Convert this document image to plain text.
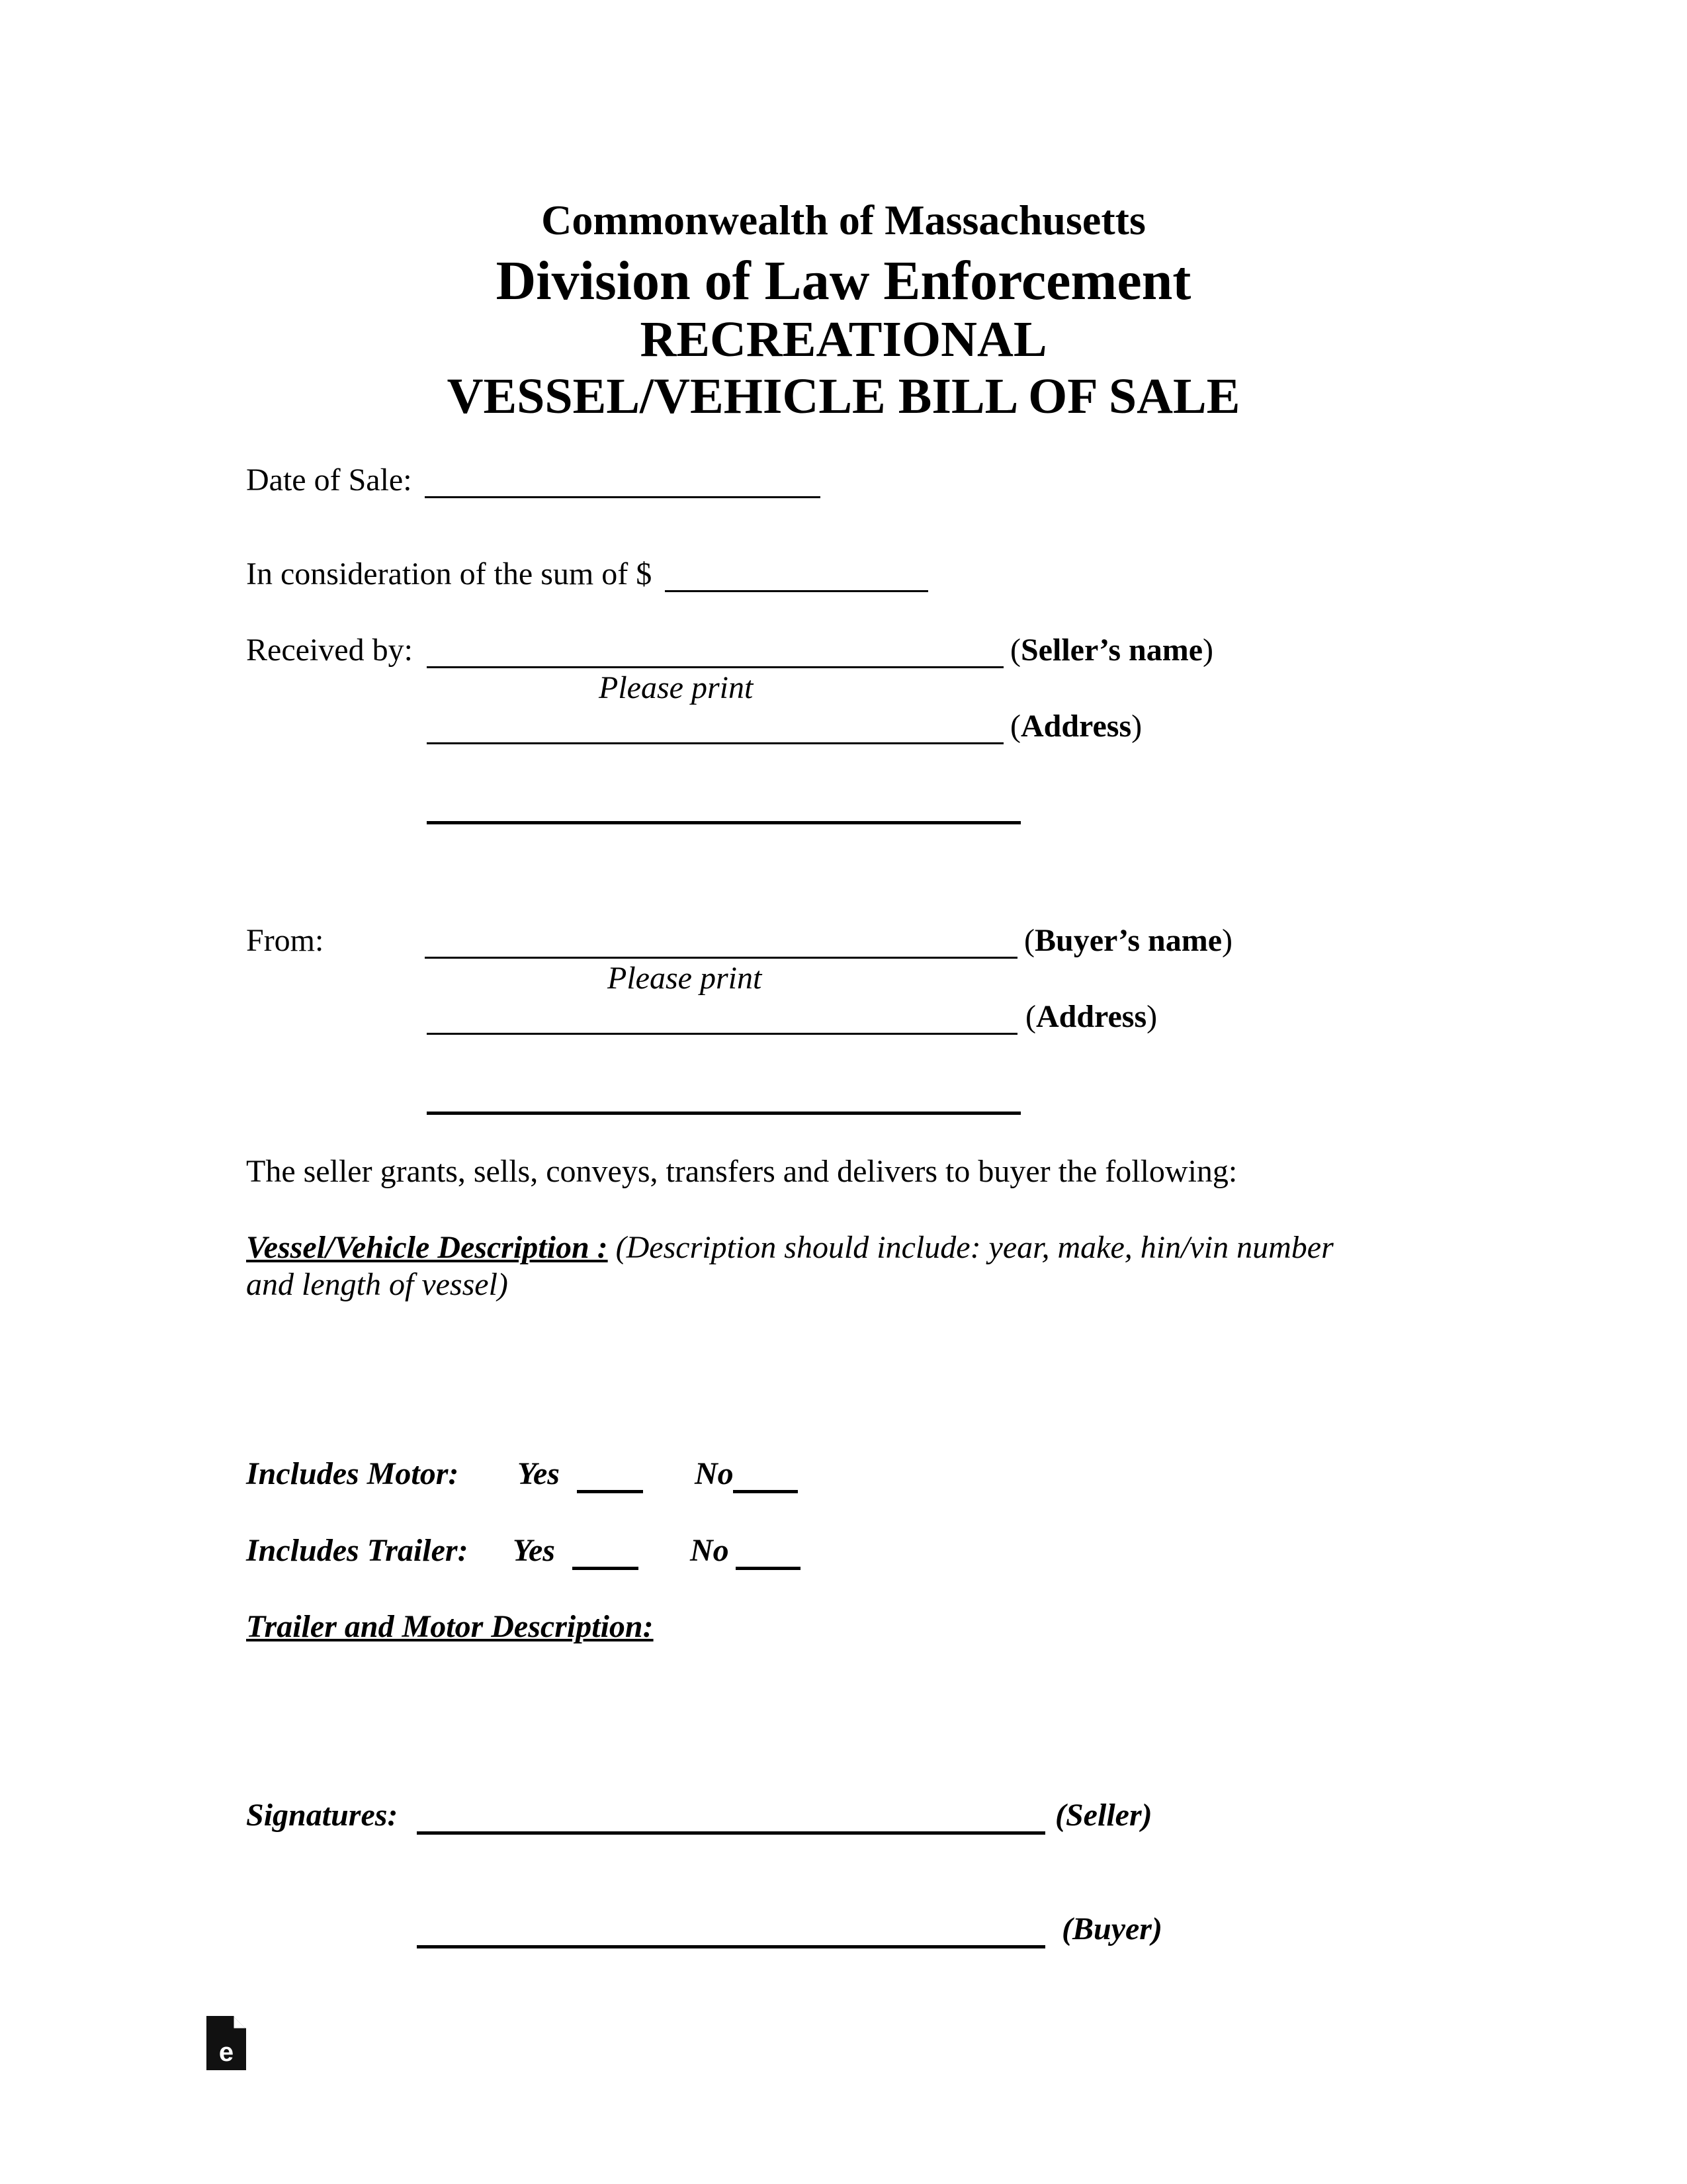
Commonwealth of Massachusetts
Division of Law Enforcement
RECREATIONAL
VESSEL/VEHICLE BILL OF SALE
Date of Sale:
In consideration of the sum of $
Received by:	(Seller’s name)
Please print
(Address)
From:	(Buyer’s name)
Please print
(Address)
The seller grants, sells, conveys, transfers and delivers to buyer the following:
Vessel/Vehicle Description : (Description should include: year, make, hin/vin number
and length of vessel)
Includes Motor: Yes	No
Includes Trailer: Yes	No
Trailer and Motor Description:
Signatures:	(Seller)
(Buyer)
e
